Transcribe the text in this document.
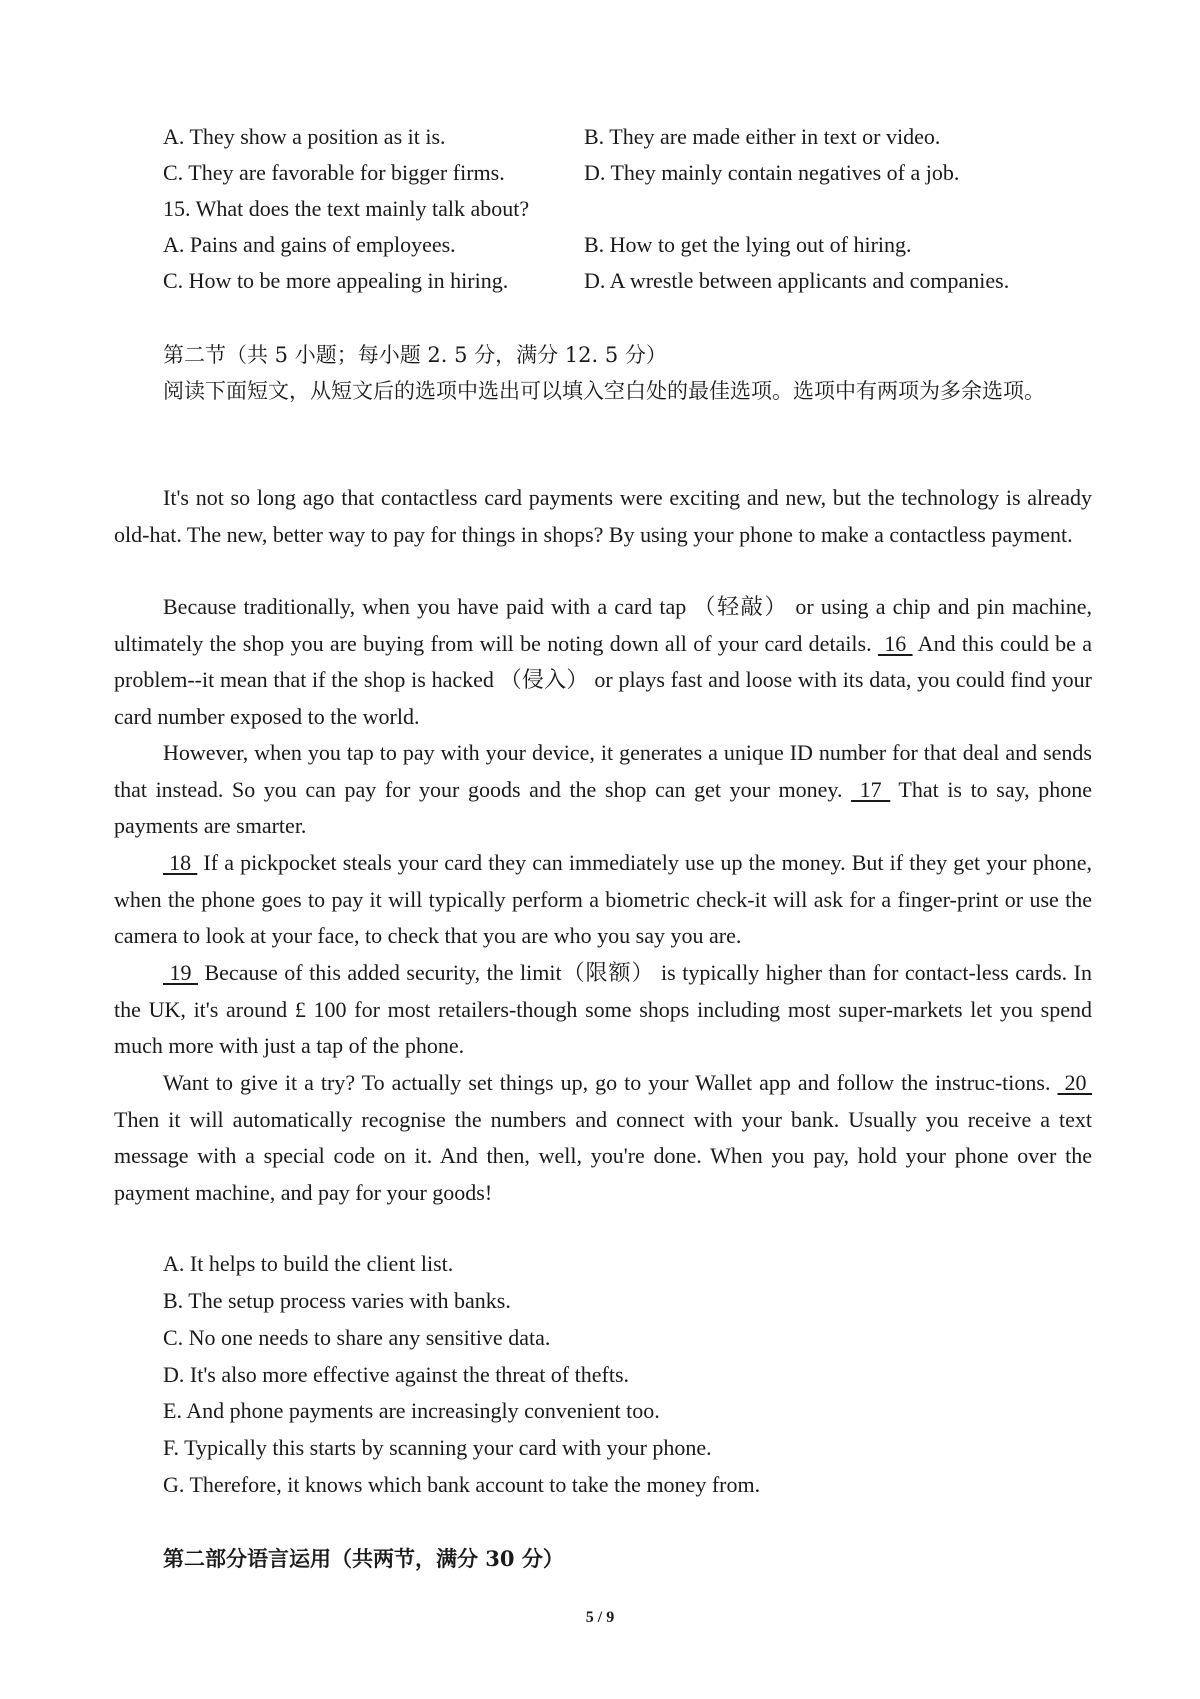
A. They show a position as it is.	B. They are made either in text or video.
C. They are favorable for bigger firms.	D. They mainly contain negatives of a job.
15. What does the text mainly talk about?
A. Pains and gains of employees.	B. How to get the lying out of hiring.
C. How to be more appealing in hiring.	D. A wrestle between applicants and companies.
第二节（共 5 小题；每小题 2. 5 分，满分 12. 5 分）
阅读下面短文，从短文后的选项中选出可以填入空白处的最佳选项。选项中有两项为多余选项。
It's not so long ago that contactless card payments were exciting and new, but the technology is already old-hat. The new, better way to pay for things in shops? By using your phone to make a contactless payment.
Because traditionally, when you have paid with a card tap （轻敲） or using a chip and pin machine, ultimately the shop you are buying from will be noting down all of your card details.  16  And this could be a problem--it mean that if the shop is hacked （侵入） or plays fast and loose with its data, you could find your card number exposed to the world.
However, when you tap to pay with your device, it generates a unique ID number for that deal and sends that instead. So you can pay for your goods and the shop can get your money.  17  That is to say, phone payments are smarter.
18  If a pickpocket steals your card they can immediately use up the money. But if they get your phone, when the phone goes to pay it will typically perform a biometric check-it will ask for a finger-print or use the camera to look at your face, to check that you are who you say you are.
19  Because of this added security, the limit（限额） is typically higher than for contact-less cards. In the UK, it's around £ 100 for most retailers-though some shops including most super-markets let you spend much more with just a tap of the phone.
Want to give it a try? To actually set things up, go to your Wallet app and follow the instruc-tions.  20  Then it will automatically recognise the numbers and connect with your bank. Usually you receive a text message with a special code on it. And then, well, you're done. When you pay, hold your phone over the payment machine, and pay for your goods!
A. It helps to build the client list.
B. The setup process varies with banks.
C. No one needs to share any sensitive data.
D. It's also more effective against the threat of thefts.
E. And phone payments are increasingly convenient too.
F. Typically this starts by scanning your card with your phone.
G. Therefore, it knows which bank account to take the money from.
第二部分语言运用（共两节，满分 30 分）
5 / 9
